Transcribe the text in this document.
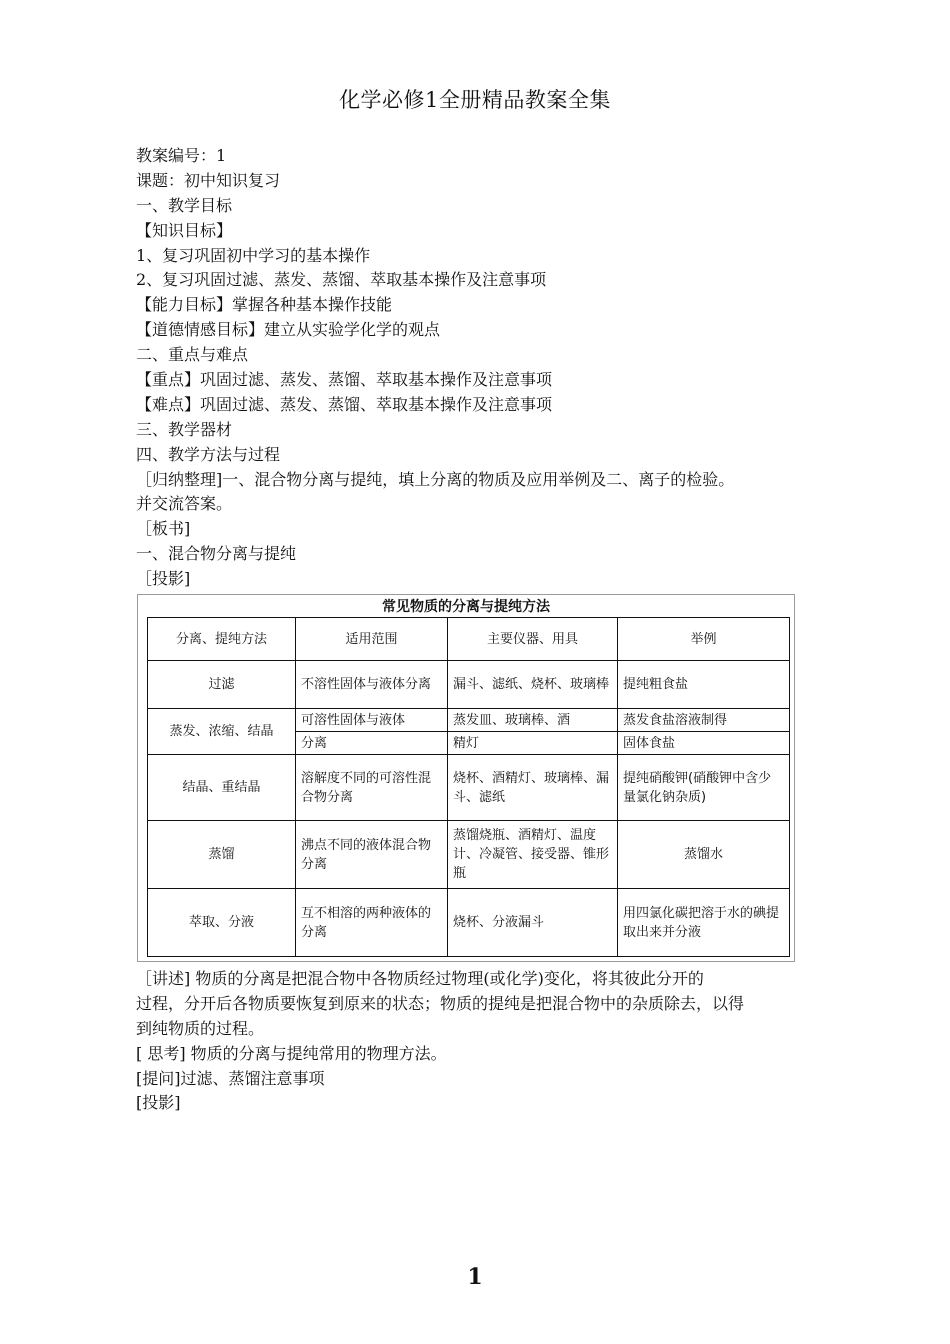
化学必修1全册精品教案全集
教案编号：1
课题：初中知识复习
一、教学目标
【知识目标】
1、复习巩固初中学习的基本操作
2、复习巩固过滤、蒸发、蒸馏、萃取基本操作及注意事项
【能力目标】掌握各种基本操作技能
【道德情感目标】建立从实验学化学的观点
二、重点与难点
【重点】巩固过滤、蒸发、蒸馏、萃取基本操作及注意事项
【难点】巩固过滤、蒸发、蒸馏、萃取基本操作及注意事项
三、教学器材
四、教学方法与过程
［归纳整理]一、混合物分离与提纯，填上分离的物质及应用举例及二、离子的检验。
并交流答案。
［板书]
一、混合物分离与提纯
［投影]
常见物质的分离与提纯方法
分离、提纯方法	适用范围	主要仪器、用具	举例
过滤	不溶性固体与液体分离	漏斗、滤纸、烧杯、玻璃棒	提纯粗食盐
蒸发、浓缩、结晶	可溶性固体与液体	蒸发皿、玻璃棒、酒	蒸发食盐溶液制得
	分离	精灯	固体食盐
结晶、重结晶	溶解度不同的可溶性混合物分离	烧杯、酒精灯、玻璃棒、漏斗、滤纸	提纯硝酸钾(硝酸钾中含少量氯化钠杂质)
蒸馏	沸点不同的液体混合物分离	蒸馏烧瓶、酒精灯、温度计、冷凝管、接受器、锥形瓶	蒸馏水
萃取、分液	互不相溶的两种液体的分离	烧杯、分液漏斗	用四氯化碳把溶于水的碘提取出来并分液
［讲述] 物质的分离是把混合物中各物质经过物理(或化学)变化，将其彼此分开的
过程，分开后各物质要恢复到原来的状态；物质的提纯是把混合物中的杂质除去，以得
到纯物质的过程。
[ 思考] 物质的分离与提纯常用的物理方法。
[提问]过滤、蒸馏注意事项
[投影]
1
